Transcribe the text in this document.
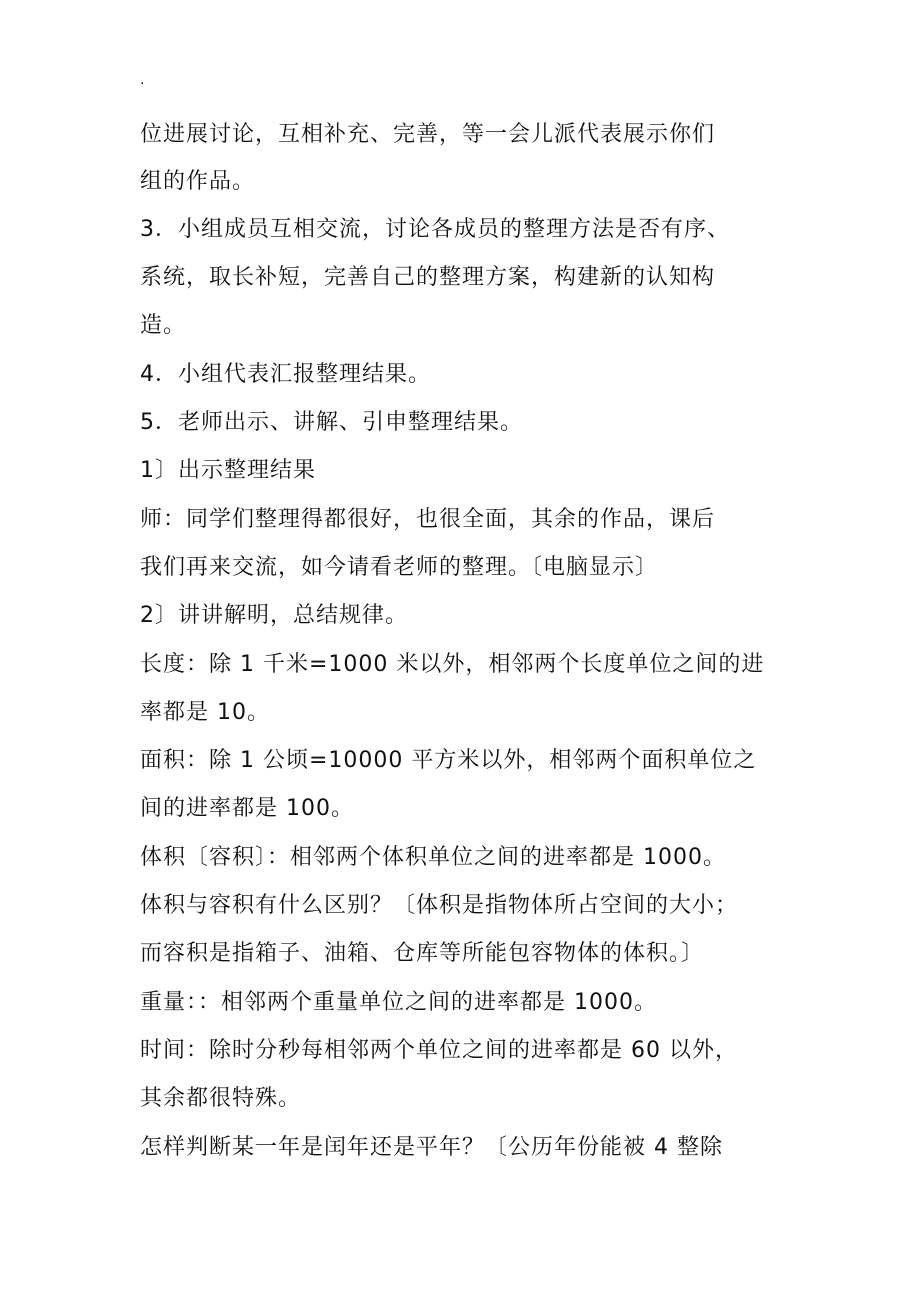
·
位进展讨论，互相补充、完善，等一会儿派代表展示你们
组的作品。
3．小组成员互相交流，讨论各成员的整理方法是否有序、
系统，取长补短，完善自己的整理方案，构建新的认知构
造。
4．小组代表汇报整理结果。
5．老师出示、讲解、引申整理结果。
1〕出示整理结果
师：同学们整理得都很好，也很全面，其余的作品，课后
我们再来交流，如今请看老师的整理。〔电脑显示〕
2〕讲讲解明，总结规律。
长度：除 1 千米=1000 米以外，相邻两个长度单位之间的进
率都是 10。
面积：除 1 公顷=10000 平方米以外，相邻两个面积单位之
间的进率都是 100。
体积〔容积〕：相邻两个体积单位之间的进率都是 1000。
体积与容积有什么区别？〔体积是指物体所占空间的大小；
而容积是指箱子、油箱、仓库等所能包容物体的体积。〕
重量：：相邻两个重量单位之间的进率都是 1000。
时间：除时分秒每相邻两个单位之间的进率都是 60 以外，
其余都很特殊。
怎样判断某一年是闰年还是平年？〔公历年份能被 4 整除
